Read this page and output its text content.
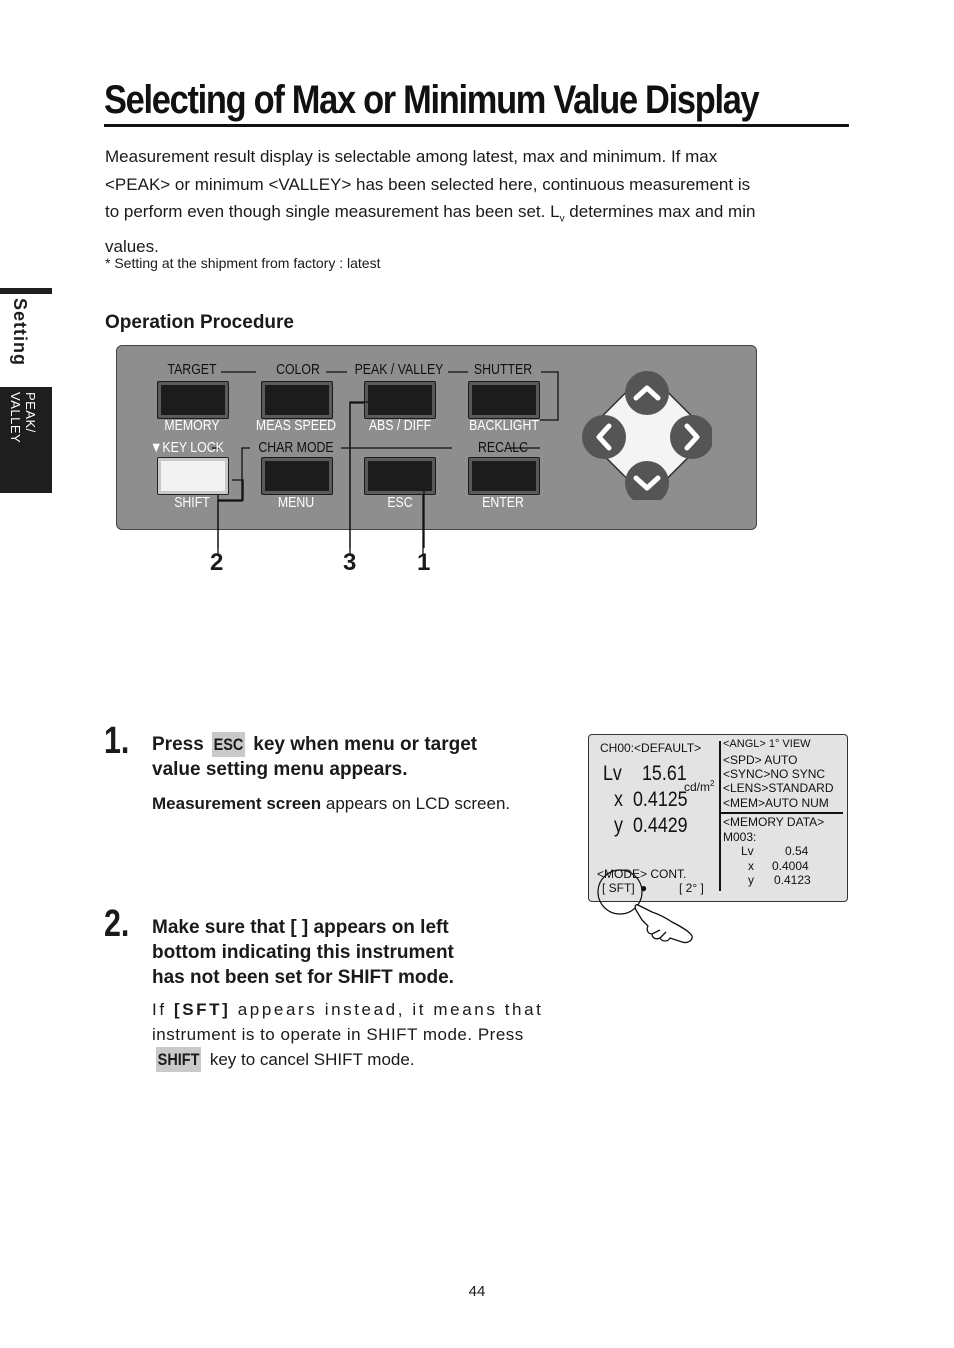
Selecting of Max or Minimum Value Display
Measurement result display is selectable among latest, max and minimum. If max
<PEAK> or minimum <VALLEY> has been selected here, continuous measurement is
to perform even though single measurement has been set. $L_v$ determines max and min
values.
* Setting at the shipment from factory : latest
Setting
PEAK/
VALLEY
Operation Procedure
TARGET	COLOR	PEAK / VALLEY	SHUTTER
MEMORY	MEAS SPEED	ABS / DIFF	BACKLIGHT
▼KEY LOCK	CHAR MODE	RECALC
SHIFT	MENU	ESC	ENTER
2	3	1
1. Press ESC key when menu or target
value setting menu appears.
Measurement screen appears on LCD screen.
2. Make sure that [ ] appears on left
bottom indicating this instrument
has not been set for SHIFT mode.
If [SFT] appears instead, it means that
instrument is to operate in SHIFT mode. Press
SHIFT key to cancel SHIFT mode.
CH00:<DEFAULT>
Lv 15.61
$cd/m^2$
x 0.4125
y 0.4429
<MODE> CONT.
[ SFT] ●	[ 2° ]
<ANGL> 1° VIEW
<SPD> AUTO
<SYNC>NO SYNC
<LENS>STANDARD
<MEM>AUTO NUM
<MEMORY DATA>
M003:
Lv	0.54
x 0.4004
y 0.4123
44
